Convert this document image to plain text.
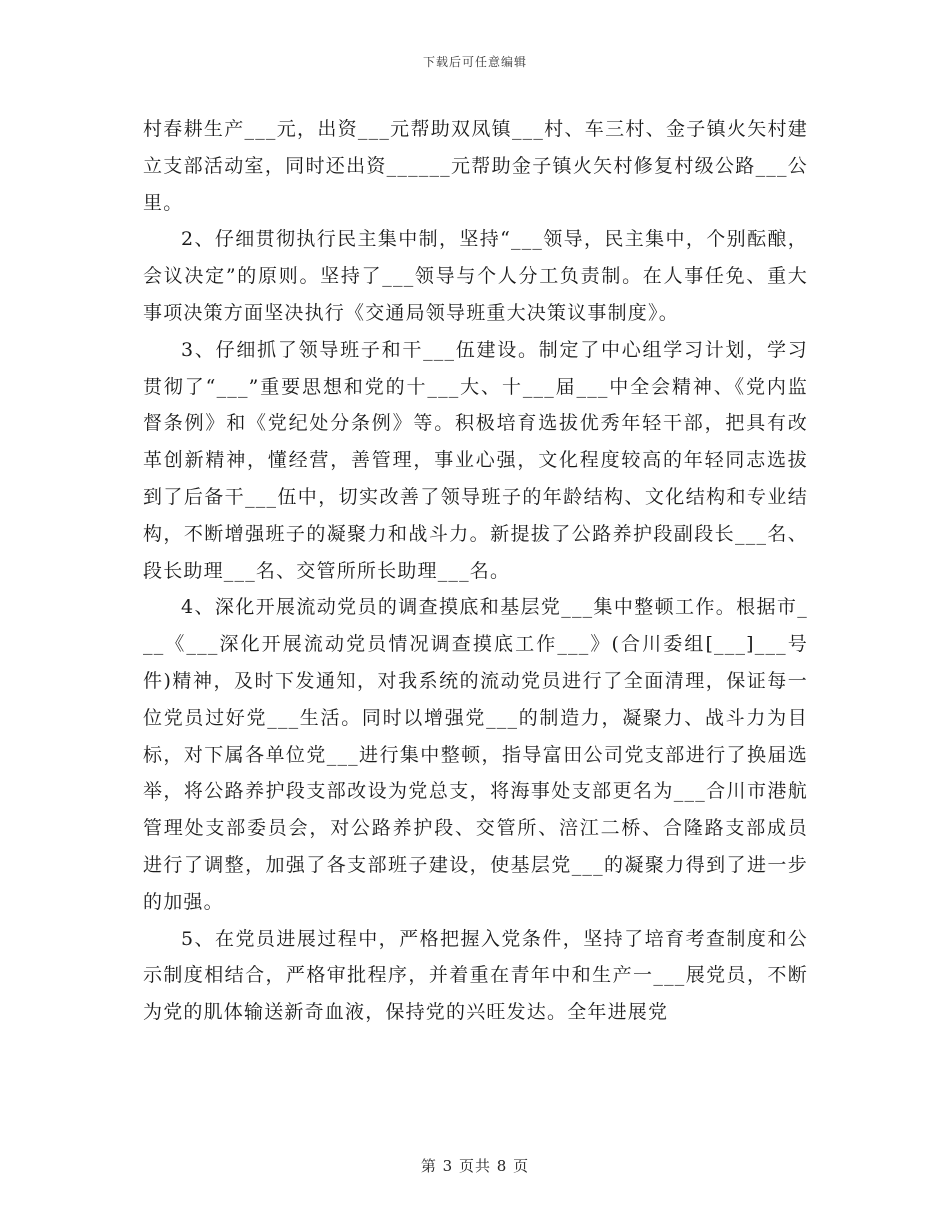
下载后可任意编辑

村春耕生产___元，出资___元帮助双凤镇___村、车三村、金子镇火矢村建立支部活动室，同时还出资______元帮助金子镇火矢村修复村级公路___公里。

2、仔细贯彻执行民主集中制，坚持“___领导，民主集中，个别酝酿，会议决定”的原则。坚持了___领导与个人分工负责制。在人事任免、重大事项决策方面坚决执行《交通局领导班重大决策议事制度》。

3、仔细抓了领导班子和干___伍建设。制定了中心组学习计划，学习贯彻了“___”重要思想和党的十___大、十___届___中全会精神、《党内监督条例》和《党纪处分条例》等。积极培育选拔优秀年轻干部，把具有改革创新精神，懂经营，善管理，事业心强，文化程度较高的年轻同志选拔到了后备干___伍中，切实改善了领导班子的年龄结构、文化结构和专业结构，不断增强班子的凝聚力和战斗力。新提拔了公路养护段副段长___名、段长助理___名、交管所所长助理___名。

4、深化开展流动党员的调查摸底和基层党___集中整顿工作。根据市___《___深化开展流动党员情况调查摸底工作___》(合川委组[___]___号件)精神，及时下发通知，对我系统的流动党员进行了全面清理，保证每一位党员过好党___生活。同时以增强党___的制造力，凝聚力、战斗力为目标，对下属各单位党___进行集中整顿，指导富田公司党支部进行了换届选举，将公路养护段支部改设为党总支，将海事处支部更名为___合川市港航管理处支部委员会，对公路养护段、交管所、涪江二桥、合隆路支部成员进行了调整，加强了各支部班子建设，使基层党___的凝聚力得到了进一步的加强。

5、在党员进展过程中，严格把握入党条件，坚持了培育考查制度和公示制度相结合，严格审批程序，并着重在青年中和生产一___展党员，不断为党的肌体输送新奇血液，保持党的兴旺发达。全年进展党

第 3 页共 8 页
